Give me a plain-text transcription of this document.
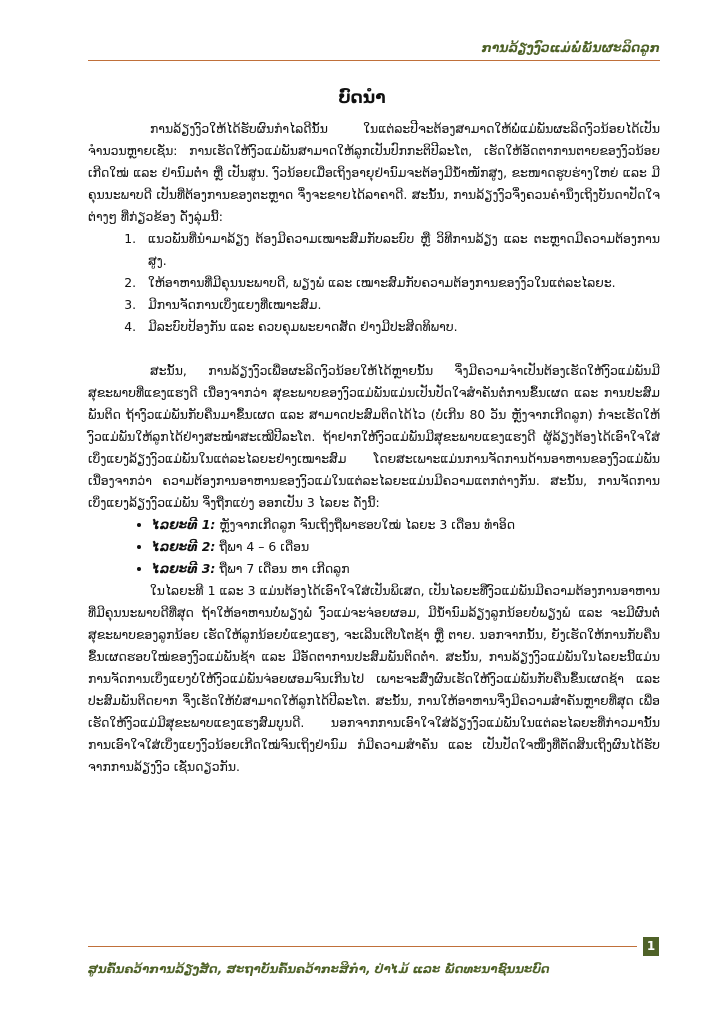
ການລ້ຽງງົວແມ່ພໍ່ພັນຜະລິດລູກ
ບົດນຳ

ການລ້ຽງງົວໃຫ້ໄດ້ຮັບຜົນກຳໄລດີນັ້ນ ໃນແຕ່ລະປີຈະຕ້ອງສາມາດໃຫ້ພໍ່ແມ່ພັນຜະລິດງົວນ້ອຍໄດ້ເປັນຈຳນວນຫຼາຍເຊັ່ນ: ການເຮັດໃຫ້ງົວແມ່ພັນສາມາດໃຫ້ລູກເປັນປົກກະຕິປີລະໂຕ, ເຮັດໃຫ້ອັດຕາການຕາຍຂອງງົວນ້ອຍເກີດໃໝ່ ແລະ ຢ່ານົມຕ່ຳ ຫຼື ເປັນສູນ. ງົວນ້ອຍເມື່ອເຖິງອາຍຸຢ່ານົມຈະຕ້ອງມີນ້ຳໜັກສູງ, ຂະໜາດຮູບຮ່າງໃຫຍ່ ແລະ ມີຄຸນນະພາບດີ ເປັນທີ່ຕ້ອງການຂອງຕະຫຼາດ ຈຶ່ງຈະຂາຍໄດ້ລາຄາດີ. ສະນັ້ນ, ການລ້ຽງງົວຈຶ່ງຄວນຄຳນຶງເຖິງບັນດາປັດໃຈຕ່າງໆ ທີ່ກ່ຽວຂ້ອງ ດັ່ງລຸ່ມນີ້:

1. ແນວພັນທີ່ນຳມາລ້ຽງ ຕ້ອງມີຄວາມເໝາະສົມກັບລະບົບ ຫຼື ວິທີການລ້ຽງ ແລະ ຕະຫຼາດມີຄວາມຕ້ອງການສູງ.
2. ໃຫ້ອາຫານທີ່ມີຄຸນນະພາບດີ, ພຽງພໍ ແລະ ເໝາະສົມກັບຄວາມຕ້ອງການຂອງງົວໃນແຕ່ລະໄລຍະ.
3. ມີການຈັດການເບິ່ງແຍງທີ່ເໝາະສົມ.
4. ມີລະບົບປ້ອງກັນ ແລະ ຄວບຄຸມພະຍາດສັດ ຢ່າງມີປະສິດທິພາບ.

ສະນັ້ນ, ການລ້ຽງງົວເພື່ອຜະລິດງົວນ້ອຍໃຫ້ໄດ້ຫຼາຍນັ້ນ ຈຶ່ງມີຄວາມຈຳເປັນຕ້ອງເຮັດໃຫ້ງົວແມ່ພັນມີສຸຂະພາບທີ່ແຂງແຮງດີ ເນື່ອງຈາກວ່າ ສຸຂະພາບຂອງງົວແມ່ພັນແມ່ນເປັນປັດໃຈສຳຄັນຕໍ່ການຂຶ້ນເຜດ ແລະ ການປະສົມພັນຕິດ ຖ້າງົວແມ່ພັນກັບຄືນມາຂຶ້ນເຜດ ແລະ ສາມາດປະສົມຕິດໄດ້ໄວ (ບໍ່ເກີນ 80 ວັນ ຫຼັງຈາກເກີດລູກ) ກໍຈະເຮັດໃຫ້ງົວແມ່ພັນໃຫ້ລູກໄດ້ຢ່າງສະໝ່ຳສະເໝີປີລະໂຕ. ຖ້າຢາກໃຫ້ງົວແມ່ພັນມີສຸຂະພາບແຂງແຮງດີ ຜູ້ລ້ຽງຕ້ອງໄດ້ເອົາໃຈໃສ່ເບິ່ງແຍງລ້ຽງງົວແມ່ພັນໃນແຕ່ລະໄລຍະຢ່າງເໝາະສົມ ໂດຍສະເພາະແມ່ນການຈັດການດ້ານອາຫານຂອງງົວແມ່ພັນ ເນື່ອງຈາກວ່າ ຄວາມຕ້ອງການອາຫານຂອງງົວແມ່ໃນແຕ່ລະໄລຍະແມ່ນມີຄວາມແຕກຕ່າງກັນ. ສະນັ້ນ, ການຈັດການເບິ່ງແຍງລ້ຽງງົວແມ່ພັນ ຈຶ່ງຖືກແບ່ງ ອອກເປັນ 3 ໄລຍະ ດັ່ງນີ້:

• ໄລຍະທີ 1: ຫຼັງຈາກເກີດລູກ ຈົນເຖິງຖືພາຮອບໃໝ່ ໄລຍະ 3 ເດືອນ ທຳອິດ
• ໄລຍະທີ 2: ຖືພາ 4 – 6 ເດືອນ
• ໄລຍະທີ 3: ຖືພາ 7 ເດືອນ ຫາ ເກີດລູກ

ໃນໄລຍະທີ 1 ແລະ 3 ແມ່ນຕ້ອງໄດ້ເອົາໃຈໃສ່ເປັນພິເສດ, ເປັນໄລຍະທີ່ງົວແມ່ພັນມີຄວາມຕ້ອງການອາຫານທີ່ມີຄຸນນະພາບດີທີ່ສຸດ ຖ້າໃຫ້ອາຫານບໍ່ພຽງພໍ ງົວແມ່ຈະຈ່ອຍຜອມ, ມີນ້ຳນົມລ້ຽງລູກນ້ອຍບໍ່ພຽງພໍ ແລະ ຈະມີຜົນຕໍ່ສຸຂະພາບຂອງລູກນ້ອຍ ເຮັດໃຫ້ລູກນ້ອຍບໍ່ແຂງແຮງ, ຈະເລີນເຕີບໂຕຊ້າ ຫຼື ຕາຍ. ນອກຈາກນັ້ນ, ຍັງເຮັດໃຫ້ການກັບຄືນຂຶ້ນເຜດຮອບໃໝ່ຂອງງົວແມ່ພັນຊ້າ ແລະ ມີອັດຕາການປະສົມພັນຕິດຕ່ຳ. ສະນັ້ນ, ການລ້ຽງງົວແມ່ພັນໃນໄລຍະນີ້ແມ່ນການຈັດການເບິ່ງແຍງບໍ່ໃຫ້ງົວແມ່ພັນຈ່ອຍຜອມຈົນເກີນໄປ ເພາະຈະສົ່ງຜົນເຮັດໃຫ້ງົວແມ່ພັນກັບຄືນຂຶ້ນເຜດຊ້າ ແລະ ປະສົມພັນຕິດຍາກ ຈຶ່ງເຮັດໃຫ້ບໍ່ສາມາດໃຫ້ລູກໄດ້ປີລະໂຕ. ສະນັ້ນ, ການໃຫ້ອາຫານຈຶ່ງມີຄວາມສຳຄັນຫຼາຍທີ່ສຸດ ເພື່ອເຮັດໃຫ້ງົວແມ່ມີສຸຂະພາບແຂງແຮງສົມບູນດີ. ນອກຈາກການເອົາໃຈໃສ່ລ້ຽງງົວແມ່ພັນໃນແຕ່ລະໄລຍະທີ່ກ່າວມານັ້ນ ການເອົາໃຈໃສ່ເບິ່ງແຍງງົວນ້ອຍເກີດໃໝ່ຈົນເຖິງຢ່ານົມ ກໍມີຄວາມສຳຄັນ ແລະ ເປັນປັດໃຈໜຶ່ງທີ່ຕັດສິນເຖິງຜົນໄດ້ຮັບຈາກການລ້ຽງງົວ ເຊັ່ນດຽວກັນ.

1
ສູນຄົ້ນຄວ້າການລ້ຽງສັດ, ສະຖາບັນຄົ້ນຄວ້າກະສິກຳ, ປ່າໄມ້ ແລະ ພັດທະນາຊົນນະບົດ
